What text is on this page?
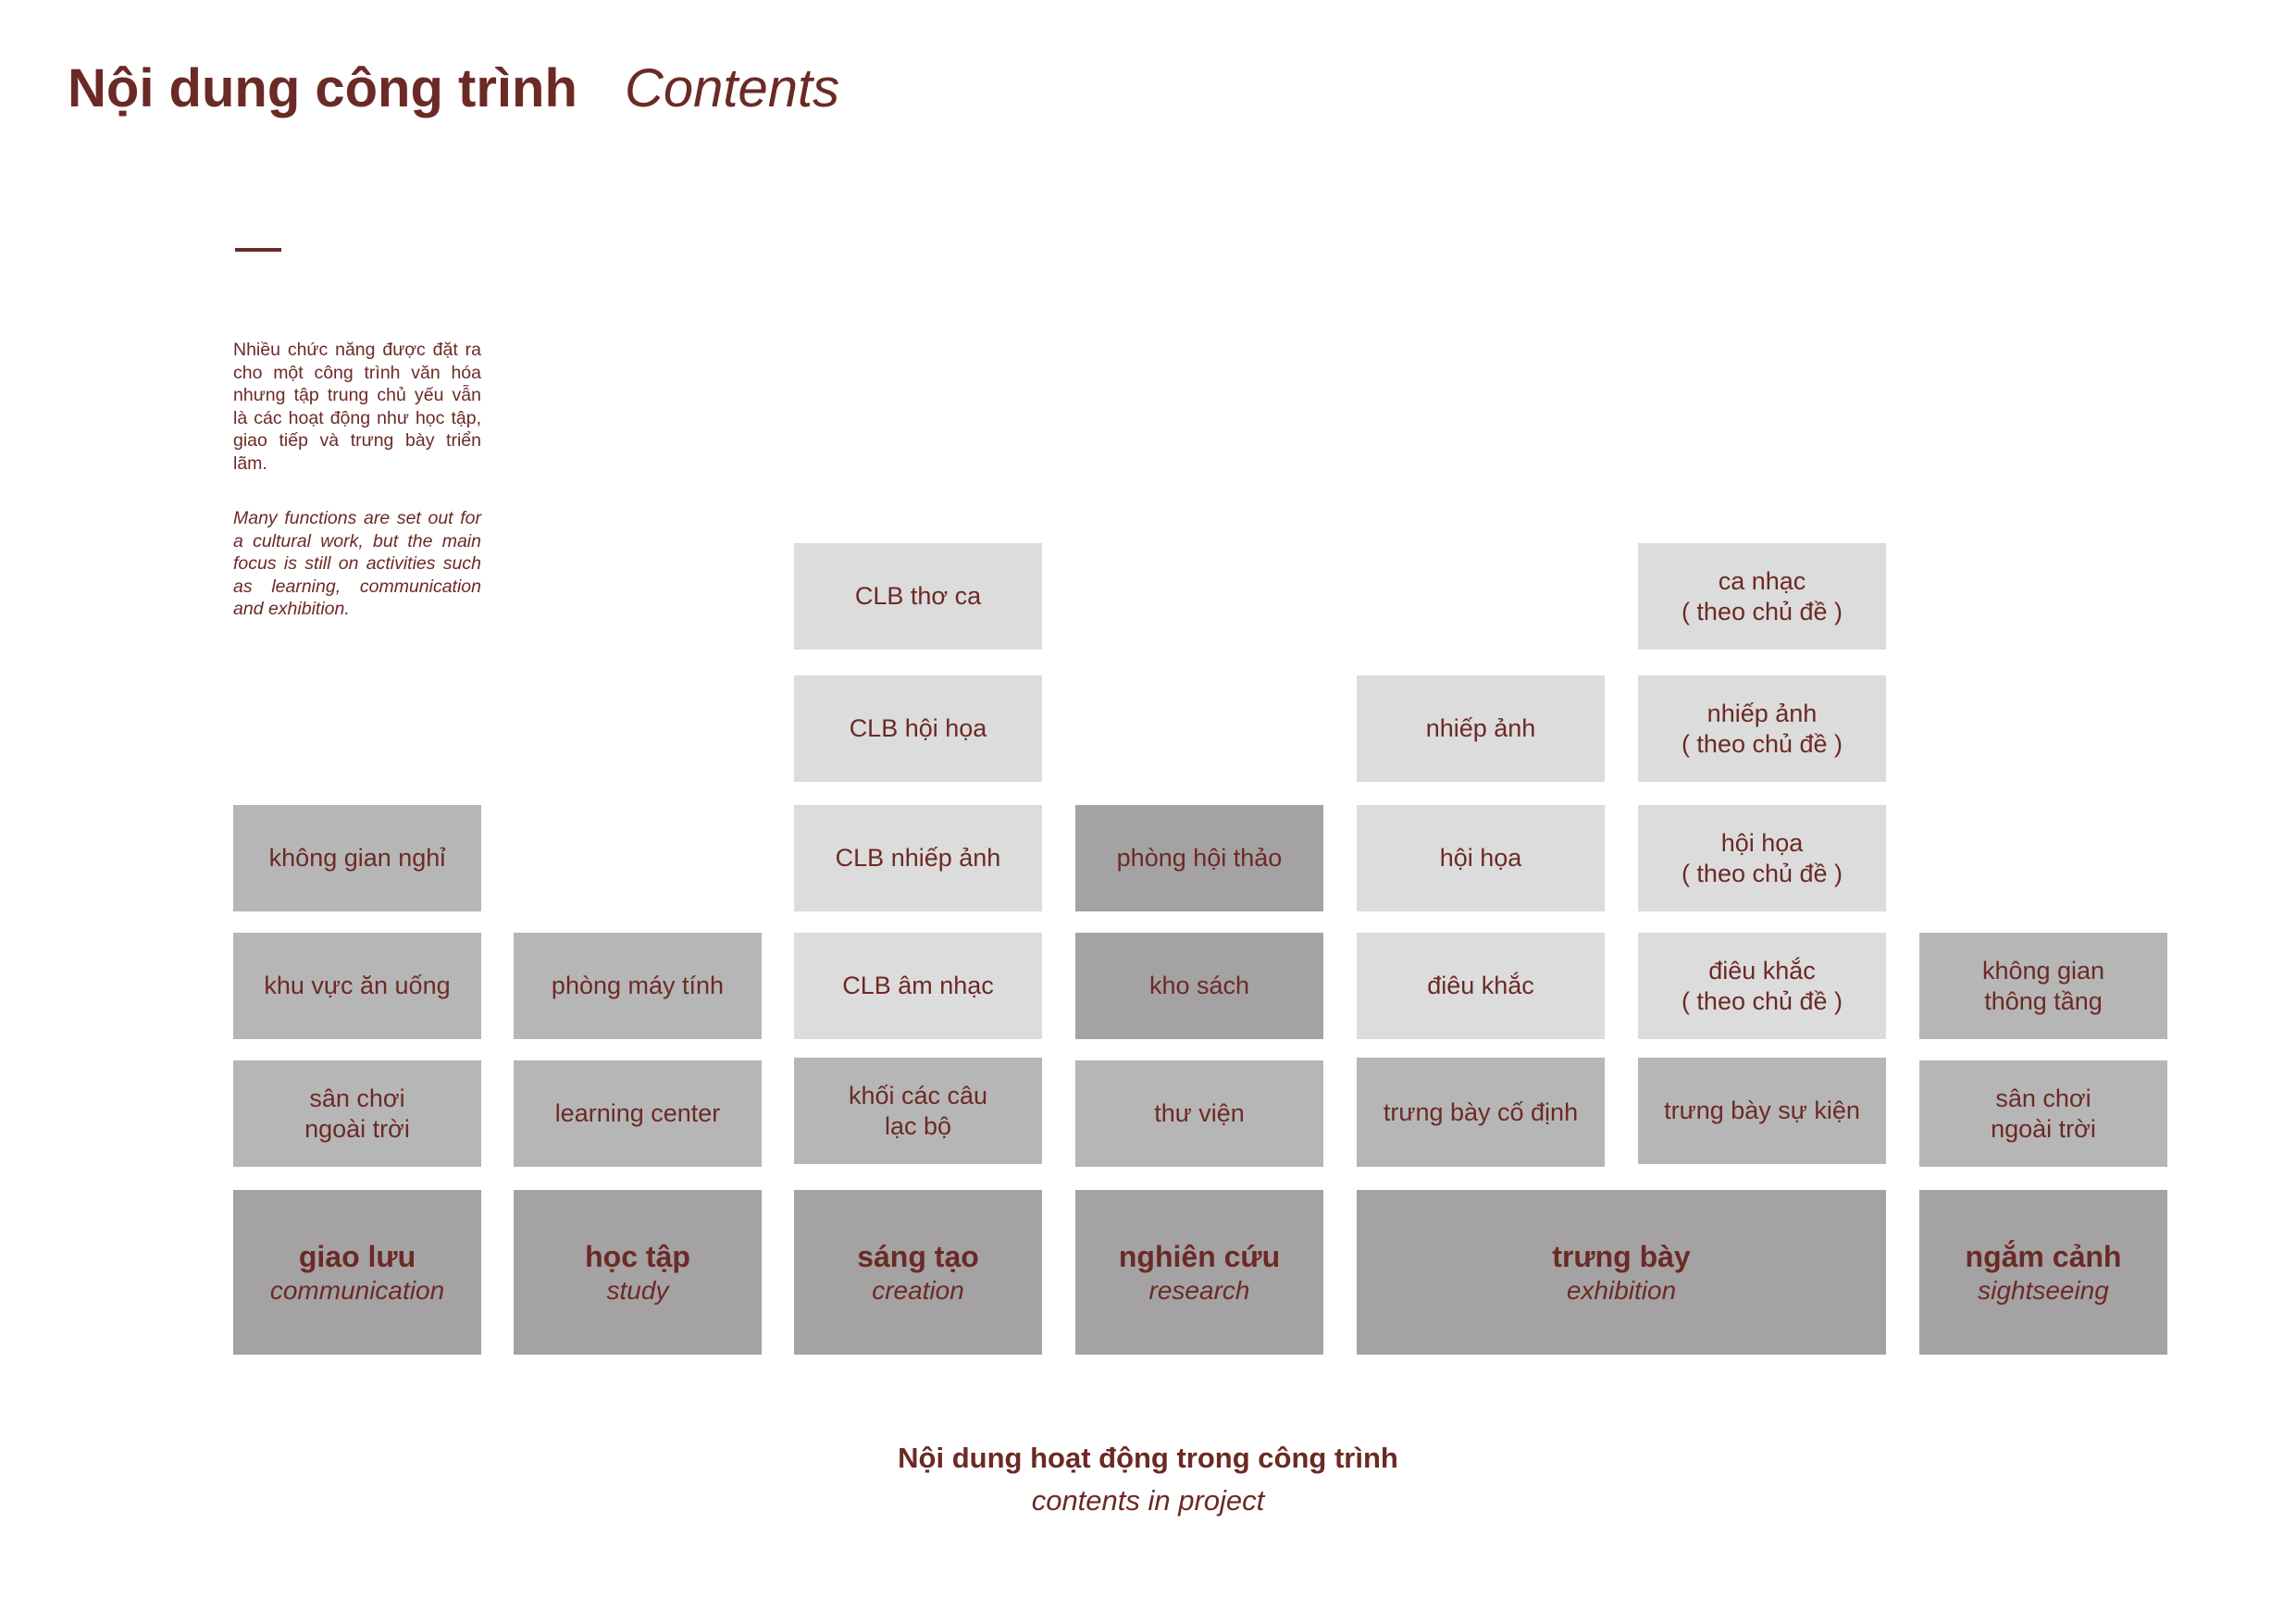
Nội dung công trình Contents
Nhiều chức năng được đặt ra cho một công trình văn hóa nhưng tập trung chủ yếu vẫn là các hoạt động như học tập, giao tiếp và trưng bày triển lãm.
Many functions are set out for a cultural work, but the main focus is still on activities such as learning, communication and exhibition.
không gian nghỉ
khu vực ăn uống
sân chơi
ngoài trời
giao lưu
communication
phòng máy tính
learning center
học tập
study
CLB thơ ca
CLB hội họa
CLB nhiếp ảnh
CLB âm nhạc
khối các câu
lạc bộ
sáng tạo
creation
phòng hội thảo
kho sách
thư viện
nghiên cứu
research
nhiếp ảnh
hội họa
điêu khắc
trưng bày cố định
ca nhạc
( theo chủ đề )
nhiếp ảnh
( theo chủ đề )
hội họa
( theo chủ đề )
điêu khắc
( theo chủ đề )
trưng bày sự kiện
trưng bày
exhibition
không gian
thông tầng
sân chơi
ngoài trời
ngắm cảnh
sightseeing
Nội dung hoạt động trong công trình
contents in project
